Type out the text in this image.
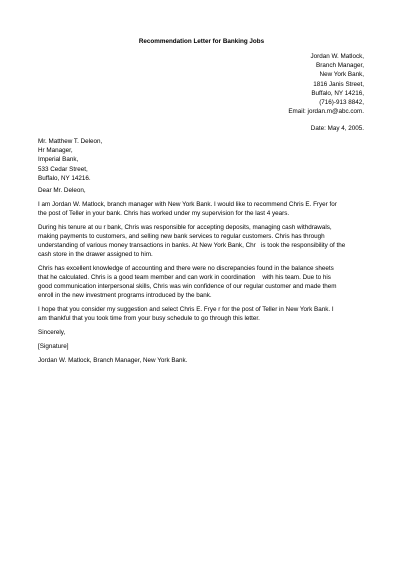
Recommendation Letter for Banking Jobs
Jordan W. Matlock,
Branch Manager,
New York Bank,
1816 Janis Street,
Buffalo, NY 14216,
(716)-913 8842,
Email: jordan.m@abc.com.
Date: May 4, 2005.
Mr. Matthew T. Deleon,
Hr Manager,
Imperial Bank,
533 Cedar Street,
Buffalo, NY 14216.

Dear Mr. Deleon,

I am Jordan W. Matlock, branch manager with New York Bank. I would like to recommend Chris E. Fryer for
the post of Teller in your bank. Chris has worked under my supervision for the last 4 years.

During his tenure at ou r bank, Chris was responsible for accepting deposits, managing cash withdrawals,
making payments to customers, and selling new bank services to regular customers. Chris has through
understanding of various money transactions in banks. At New York Bank, Chr   is took the responsibility of the
cash store in the drawer assigned to him.

Chris has excellent knowledge of accounting and there were no discrepancies found in the balance sheets
that he calculated. Chris is a good team member and can work in coordination    with his team. Due to his
good communication interpersonal skills, Chris was win confidence of our regular customer and made them
enroll in the new investment programs introduced by the bank.

I hope that you consider my suggestion and select Chris E. Frye r for the post of Teller in New York Bank. I
am thankful that you took time from your busy schedule to go through this letter.

Sincerely,

[Signature]

Jordan W. Matlock, Branch Manager, New York Bank.
